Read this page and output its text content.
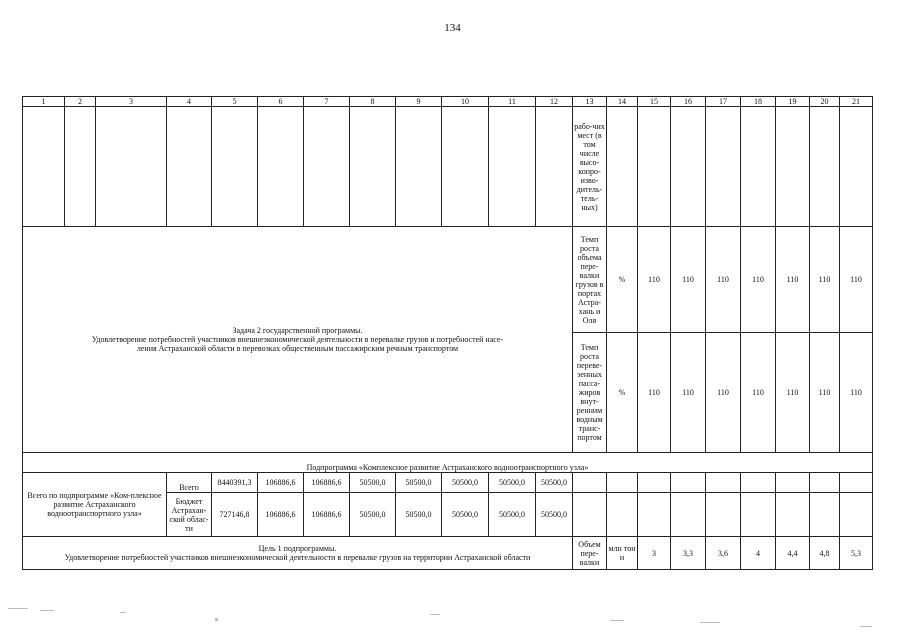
134
1	2	3	4	5	6	7	8	9	10	11	12	13	14	15	16	17	18	19	20	21
												рабо-чих мест (в том числе высо-копро-изво-дитель-тель-ных)								

Задача 2 государственной программы.
Удовлетворение потребностей участников внешнеэкономической деятельности в перевалке грузов и потребностей насе-
ления Астраханской области в перевозках общественным пассажирским речным транспортом												Темп роста объема пере-валки грузов в портах Астра-хань и Оля	%	110	110	110	110	110	110	110
												Темп роста переве-зенных пасса-жиров внут-ренним водным транс-портом	%	110	110	110	110	110	110	110
Подпрограмма «Комплексное развитие Астраханского водноотранспортного узла»																				
Всего по подпрограмме «Ком-плексное развитие Астраханского водноотранспортного узла»			Всего	8440391,3	106886,6	106886,6	50500,0	50500,0	50500,0	50500,0	50500,0									
			Бюджет Астрахан-ской облас-ти	727146,8	106886,6	106886,6	50500,0	50500,0	50500,0	50500,0	50500,0									

Цель 1 подпрограммы.
Удовлетворение потребностей участников внешнеэкономической деятельности в перевалке грузов на территории Астраханской области												Объем пере-валки	млн тон н	3	3,3	3,6	4	4,4	4,8	5,3
